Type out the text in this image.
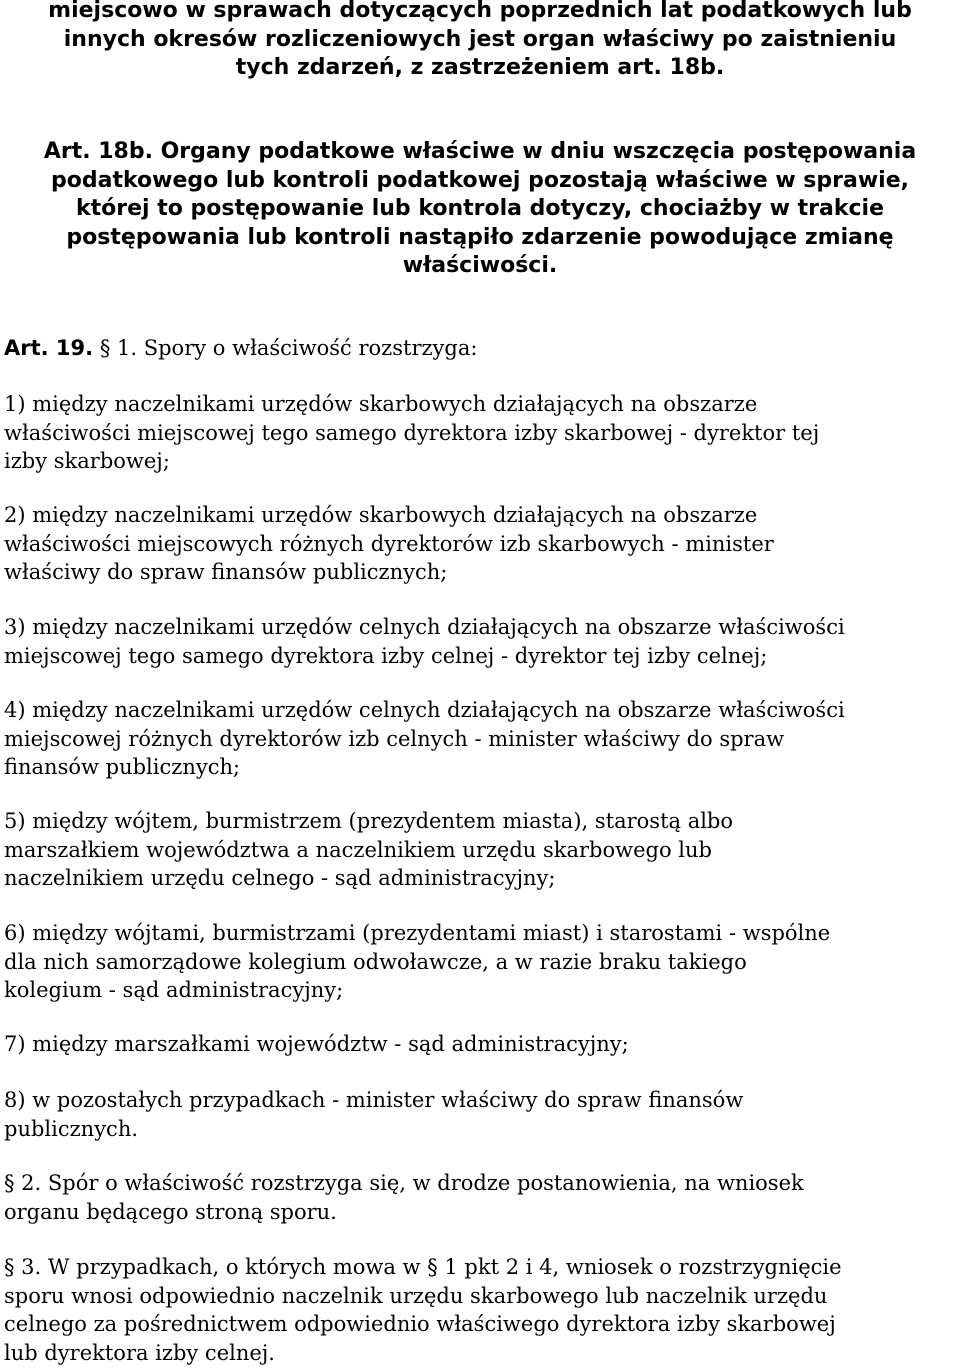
miejscowo w sprawach dotyczących poprzednich lat podatkowych lub
innych okresów rozliczeniowych jest organ właściwy po zaistnieniu
tych zdarzeń, z zastrzeżeniem art. 18b.

Art. 18b. Organy podatkowe właściwe w dniu wszczęcia postępowania
podatkowego lub kontroli podatkowej pozostają właściwe w sprawie,
której to postępowanie lub kontrola dotyczy, chociażby w trakcie
postępowania lub kontroli nastąpiło zdarzenie powodujące zmianę
właściwości.

Art. 19. § 1. Spory o właściwość rozstrzyga:

1) między naczelnikami urzędów skarbowych działających na obszarze
właściwości miejscowej tego samego dyrektora izby skarbowej - dyrektor tej
izby skarbowej;

2) między naczelnikami urzędów skarbowych działających na obszarze
właściwości miejscowych różnych dyrektorów izb skarbowych - minister
właściwy do spraw finansów publicznych;

3) między naczelnikami urzędów celnych działających na obszarze właściwości
miejscowej tego samego dyrektora izby celnej - dyrektor tej izby celnej;

4) między naczelnikami urzędów celnych działających na obszarze właściwości
miejscowej różnych dyrektorów izb celnych - minister właściwy do spraw
finansów publicznych;

5) między wójtem, burmistrzem (prezydentem miasta), starostą albo
marszałkiem województwa a naczelnikiem urzędu skarbowego lub
naczelnikiem urzędu celnego - sąd administracyjny;

6) między wójtami, burmistrzami (prezydentami miast) i starostami - wspólne
dla nich samorządowe kolegium odwoławcze, a w razie braku takiego
kolegium - sąd administracyjny;

7) między marszałkami województw - sąd administracyjny;

8) w pozostałych przypadkach - minister właściwy do spraw finansów
publicznych.

§ 2. Spór o właściwość rozstrzyga się, w drodze postanowienia, na wniosek
organu będącego stroną sporu.

§ 3. W przypadkach, o których mowa w § 1 pkt 2 i 4, wniosek o rozstrzygnięcie
sporu wnosi odpowiednio naczelnik urzędu skarbowego lub naczelnik urzędu
celnego za pośrednictwem odpowiednio właściwego dyrektora izby skarbowej
lub dyrektora izby celnej.
